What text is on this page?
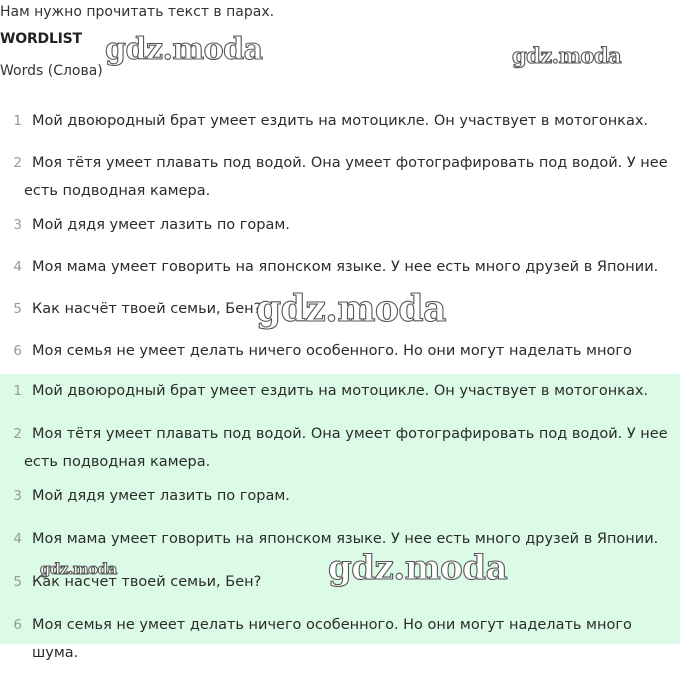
Нам нужно прочитать текст в парах.
WORDLIST
Words (Слова)
gdz.moda	gdz.moda
1 Мой двоюродный брат умеет ездить на мотоцикле. Он участвует в мотогонках.
2 Моя тётя умеет плавать под водой. Она умеет фотографировать под водой. У нее есть подводная камера.
3 Мой дядя умеет лазить по горам.
4 Моя мама умеет говорить на японском языке. У нее есть много друзей в Японии.
5 Как насчёт твоей семьи, Бен?
6 Моя семья не умеет делать ничего особенного. Но они могут наделать много
gdz.moda
1 Мой двоюродный брат умеет ездить на мотоцикле. Он участвует в мотогонках.
2 Моя тётя умеет плавать под водой. Она умеет фотографировать под водой. У нее есть подводная камера.
3 Мой дядя умеет лазить по горам.
4 Моя мама умеет говорить на японском языке. У нее есть много друзей в Японии.
5 Как насчет твоей семьи, Бен?
6 Моя семья не умеет делать ничего особенного. Но они могут наделать много шума.
gdz.moda	gdz.moda
